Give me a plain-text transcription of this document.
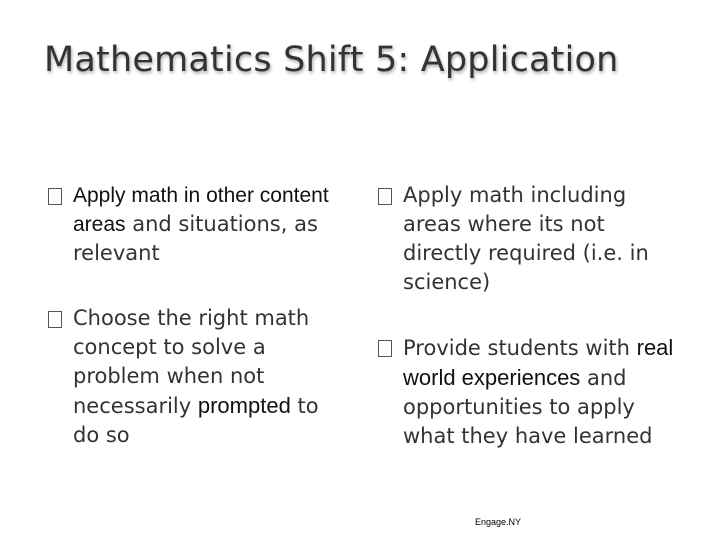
Mathematics Shift 5: Application
What the Students Does…	What the Teacher Does…
Apply math in other content areas and situations, as relevant
Choose the right math concept to solve a problem when not necessarily prompted to do so
Apply math including areas where its not directly required (i.e. in science)
Provide students with real world experiences and opportunities to apply what they have learned
Engage.NY
